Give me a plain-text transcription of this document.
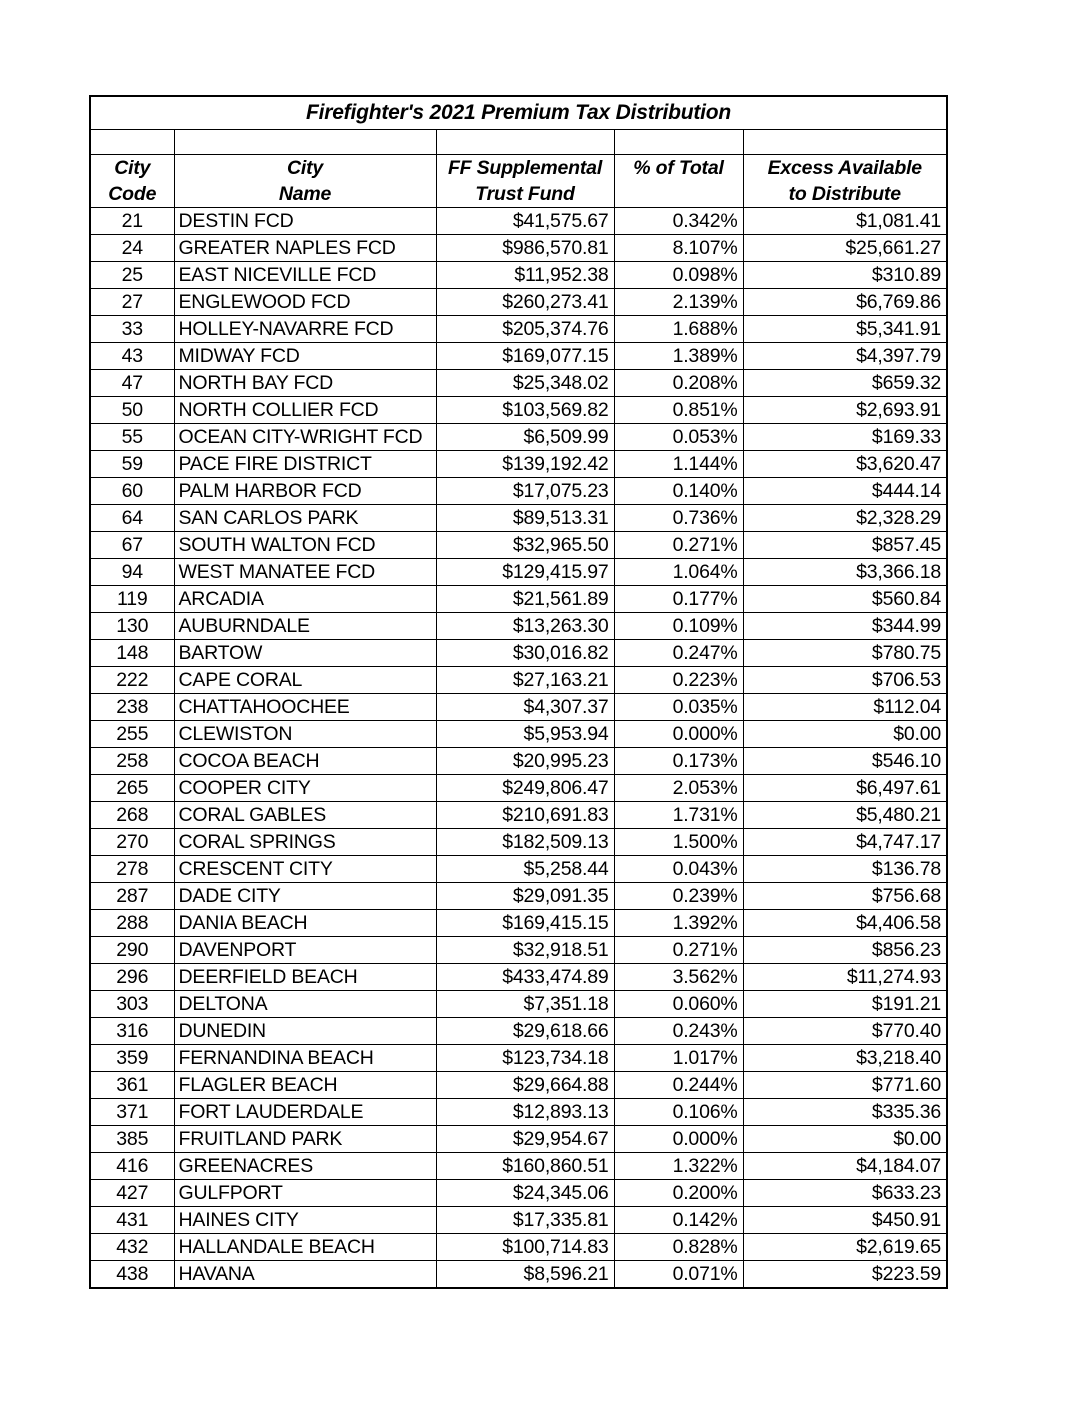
Firefighter's 2021 Premium Tax Distribution				

City	City	FF Supplemental	% of Total	Excess Available
Code	Name	Trust Fund		to Distribute
21	DESTIN FCD	$41,575.67	0.342%	$1,081.41
24	GREATER NAPLES FCD	$986,570.81	8.107%	$25,661.27
25	EAST NICEVILLE FCD	$11,952.38	0.098%	$310.89
27	ENGLEWOOD FCD	$260,273.41	2.139%	$6,769.86
33	HOLLEY-NAVARRE FCD	$205,374.76	1.688%	$5,341.91
43	MIDWAY FCD	$169,077.15	1.389%	$4,397.79
47	NORTH BAY FCD	$25,348.02	0.208%	$659.32
50	NORTH COLLIER FCD	$103,569.82	0.851%	$2,693.91
55	OCEAN CITY-WRIGHT FCD	$6,509.99	0.053%	$169.33
59	PACE FIRE DISTRICT	$139,192.42	1.144%	$3,620.47
60	PALM HARBOR FCD	$17,075.23	0.140%	$444.14
64	SAN CARLOS PARK	$89,513.31	0.736%	$2,328.29
67	SOUTH WALTON FCD	$32,965.50	0.271%	$857.45
94	WEST MANATEE FCD	$129,415.97	1.064%	$3,366.18
119	ARCADIA	$21,561.89	0.177%	$560.84
130	AUBURNDALE	$13,263.30	0.109%	$344.99
148	BARTOW	$30,016.82	0.247%	$780.75
222	CAPE CORAL	$27,163.21	0.223%	$706.53
238	CHATTAHOOCHEE	$4,307.37	0.035%	$112.04
255	CLEWISTON	$5,953.94	0.000%	$0.00
258	COCOA BEACH	$20,995.23	0.173%	$546.10
265	COOPER CITY	$249,806.47	2.053%	$6,497.61
268	CORAL GABLES	$210,691.83	1.731%	$5,480.21
270	CORAL SPRINGS	$182,509.13	1.500%	$4,747.17
278	CRESCENT CITY	$5,258.44	0.043%	$136.78
287	DADE CITY	$29,091.35	0.239%	$756.68
288	DANIA BEACH	$169,415.15	1.392%	$4,406.58
290	DAVENPORT	$32,918.51	0.271%	$856.23
296	DEERFIELD BEACH	$433,474.89	3.562%	$11,274.93
303	DELTONA	$7,351.18	0.060%	$191.21
316	DUNEDIN	$29,618.66	0.243%	$770.40
359	FERNANDINA BEACH	$123,734.18	1.017%	$3,218.40
361	FLAGLER BEACH	$29,664.88	0.244%	$771.60
371	FORT LAUDERDALE	$12,893.13	0.106%	$335.36
385	FRUITLAND PARK	$29,954.67	0.000%	$0.00
416	GREENACRES	$160,860.51	1.322%	$4,184.07
427	GULFPORT	$24,345.06	0.200%	$633.23
431	HAINES CITY	$17,335.81	0.142%	$450.91
432	HALLANDALE BEACH	$100,714.83	0.828%	$2,619.65
438	HAVANA	$8,596.21	0.071%	$223.59
